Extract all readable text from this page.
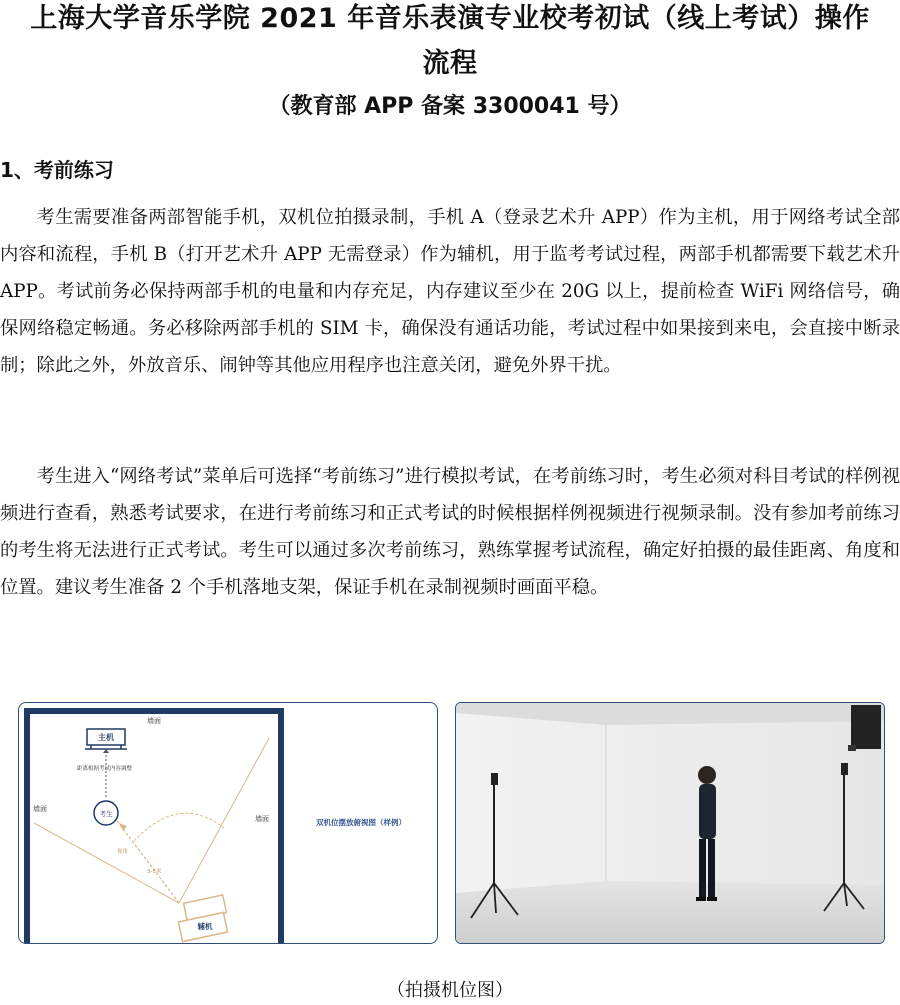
上海大学音乐学院 2021 年音乐表演专业校考初试（线上考试）操作
流程
（教育部 APP 备案 3300041 号）
1、考前练习

考生需要准备两部智能手机，双机位拍摄录制，手机 A（登录艺术升 APP）作为主机，用于网络考试全部内容和流程，手机 B（打开艺术升 APP 无需登录）作为辅机，用于监考考试过程，两部手机都需要下载艺术升 APP。考试前务必保持两部手机的电量和内存充足，内存建议至少在 20G 以上，提前检查 WiFi 网络信号，确保网络稳定畅通。务必移除两部手机的 SIM 卡，确保没有通话功能，考试过程中如果接到来电，会直接中断录制；除此之外，外放音乐、闹钟等其他应用程序也注意关闭，避免外界干扰。

考生进入“网络考试”菜单后可选择“考前练习”进行模拟考试，在考前练习时，考生必须对科目考试的样例视频进行查看，熟悉考试要求，在进行考前练习和正式考试的时候根据样例视频进行视频录制。没有参加考前练习的考生将无法进行正式考试。考生可以通过多次考前练习，熟练掌握考试流程，确定好拍摄的最佳距离、角度和位置。建议考生准备 2 个手机落地支架，保证手机在录制视频时画面平稳。

墙面
墙面
墙面
主机
距离根据考试内容调整
考生
视角
3-5米
辅机
双机位摆放俯视图（样例）
（拍摄机位图）
